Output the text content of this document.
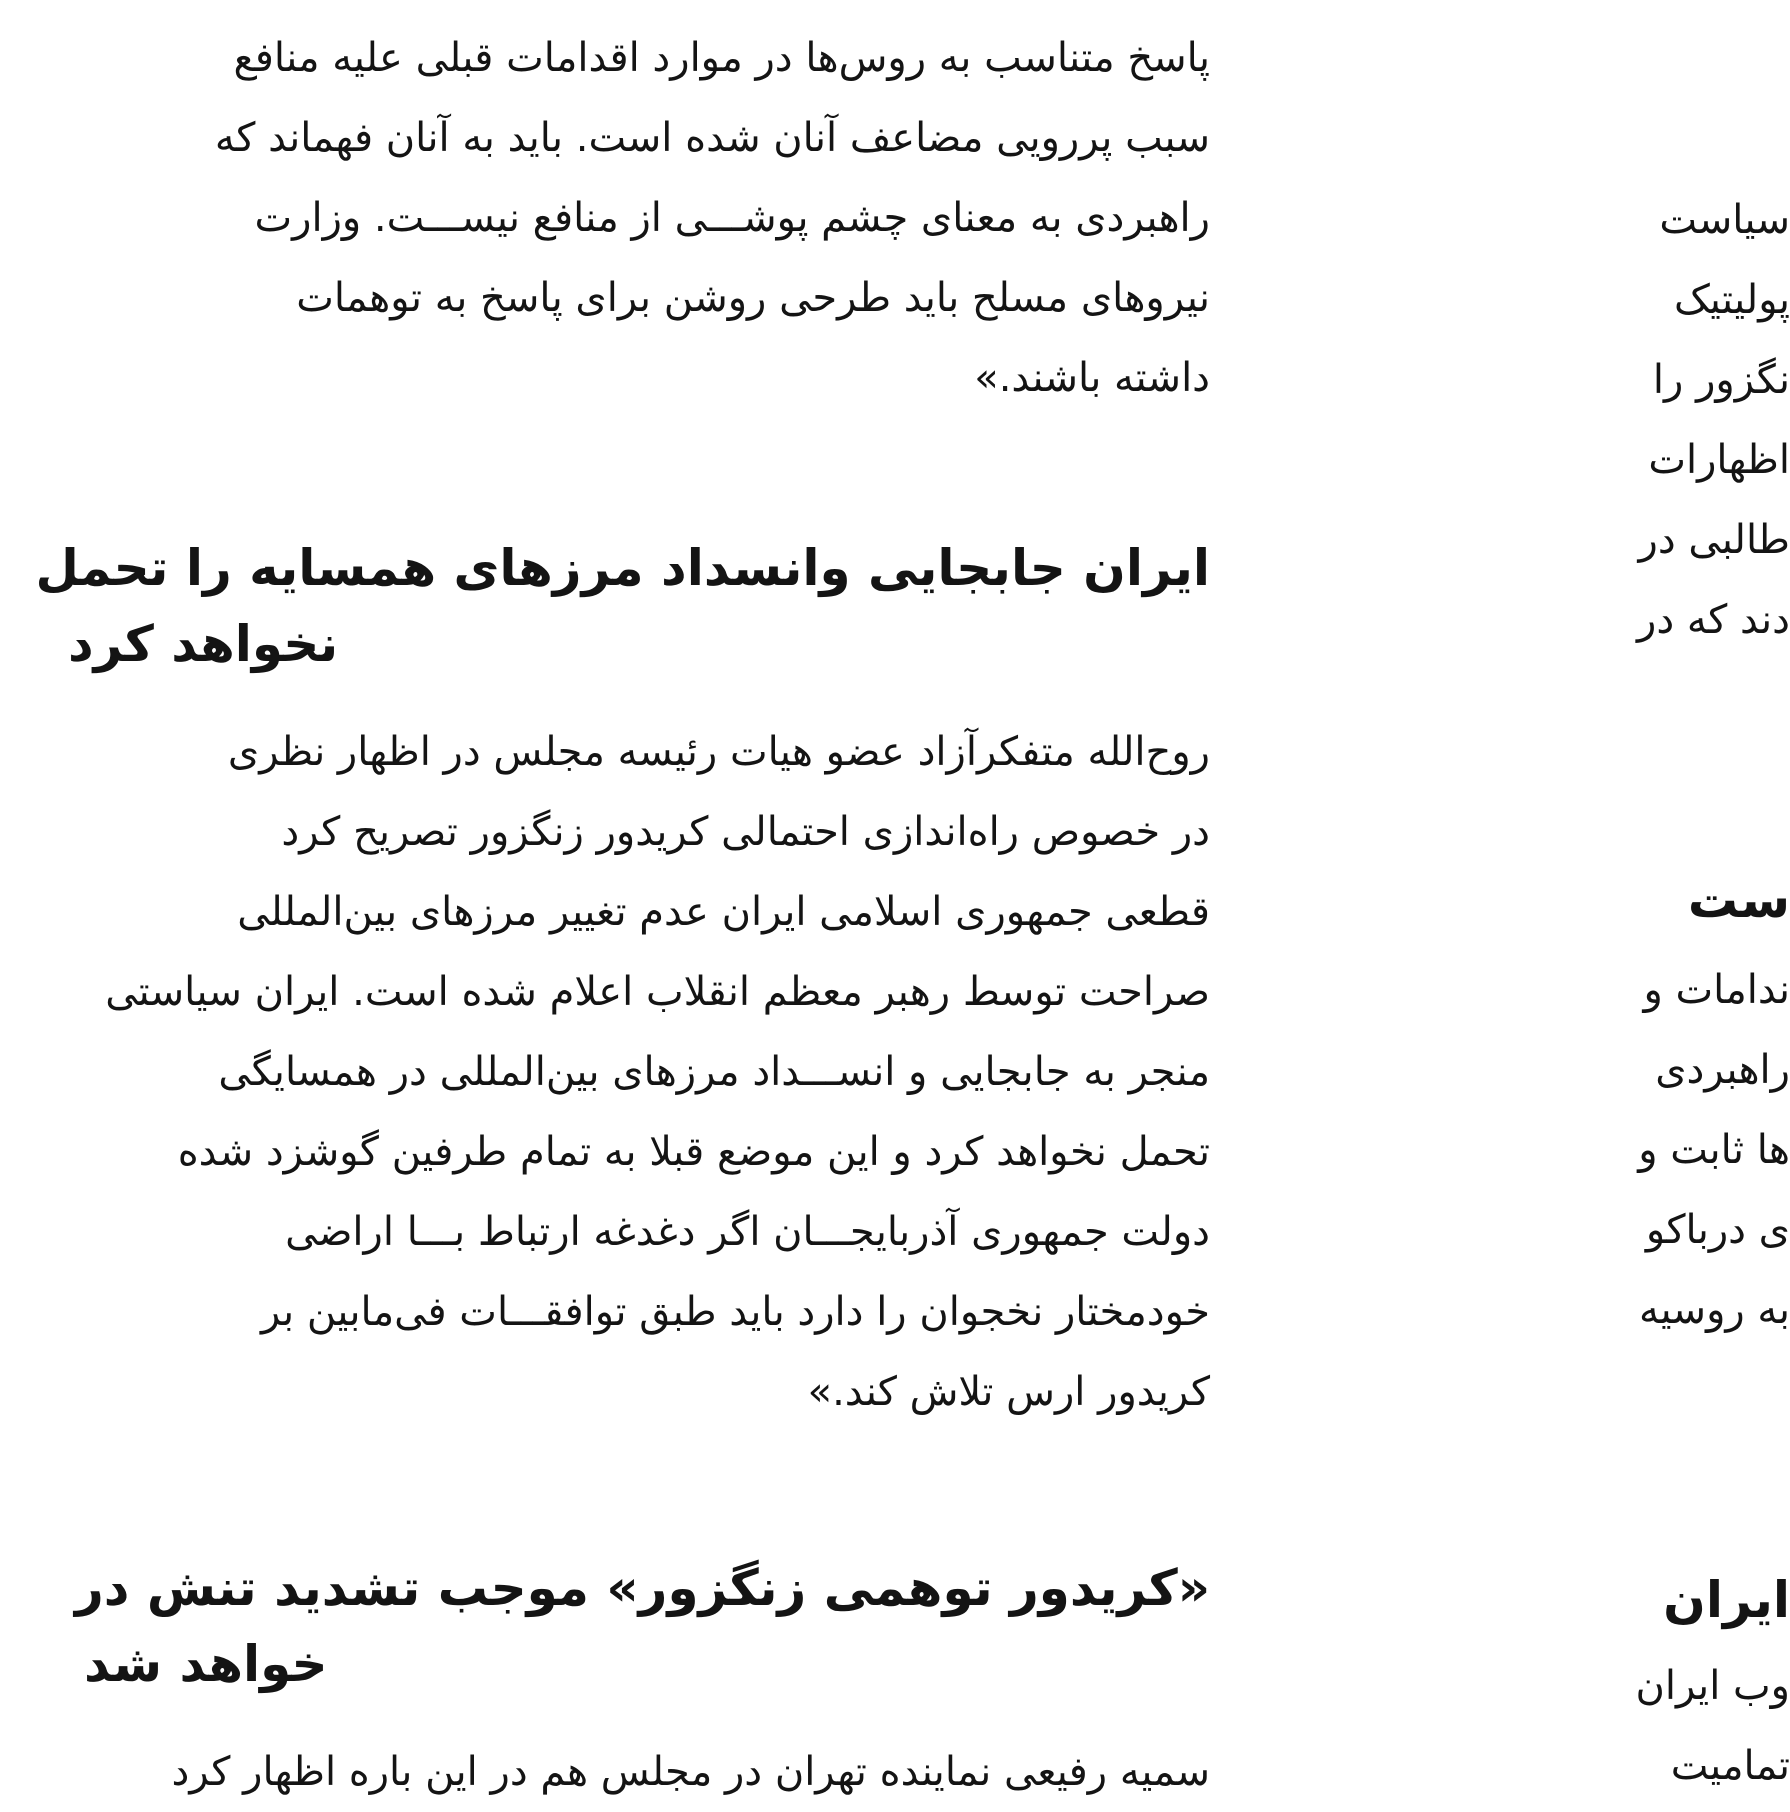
پاسخ متناسب به روس‌ها در موارد اقدامات قبلی علیه منافع
سبب پررویی مضاعف آنان شده است. باید به آنان فهماند که
راهبردی به معنای چشم پوشـــی از منافع نیســـت. وزارت
نیروهای مسلح باید طرحی روشن برای پاسخ به توهمات
داشته باشند.»
ایران جابجایی وانسداد مرزهای همسایه را تحمل
نخواهد کرد
روح‌الله متفکرآزاد عضو هیات رئیسه مجلس در اظهار نظری
در خصوص راه‌اندازی احتمالی کریدور زنگزور تصریح کرد
قطعی جمهوری اسلامی ایران عدم تغییر مرزهای بین‌المللی
صراحت توسط رهبر معظم انقلاب اعلام شده است. ایران سیاستی
منجر به جابجایی و انســـداد مرزهای بین‌المللی در همسایگی
تحمل نخواهد کرد و این موضع قبلا به تمام طرفین گوشزد شده
دولت جمهوری آذربایجـــان اگر دغدغه ارتباط بـــا اراضی
خودمختار نخجوان را دارد باید طبق توافقـــات فی‌مابین بر
کریدور ارس تلاش کند.»
«کریدور توهمی زنگزور» موجب تشدید تنش در
خواهد شد
سمیه رفیعی نماینده تهران در مجلس هم در این باره اظهار کرد
سیاست
پولیتیک
نگزور را
اظهارات
طالبی در
دند که در
ست
ندامات و
راهبردی
ها ثابت و
ی درباکو
به روسیه
ایران
وب ایران
تمامیت
